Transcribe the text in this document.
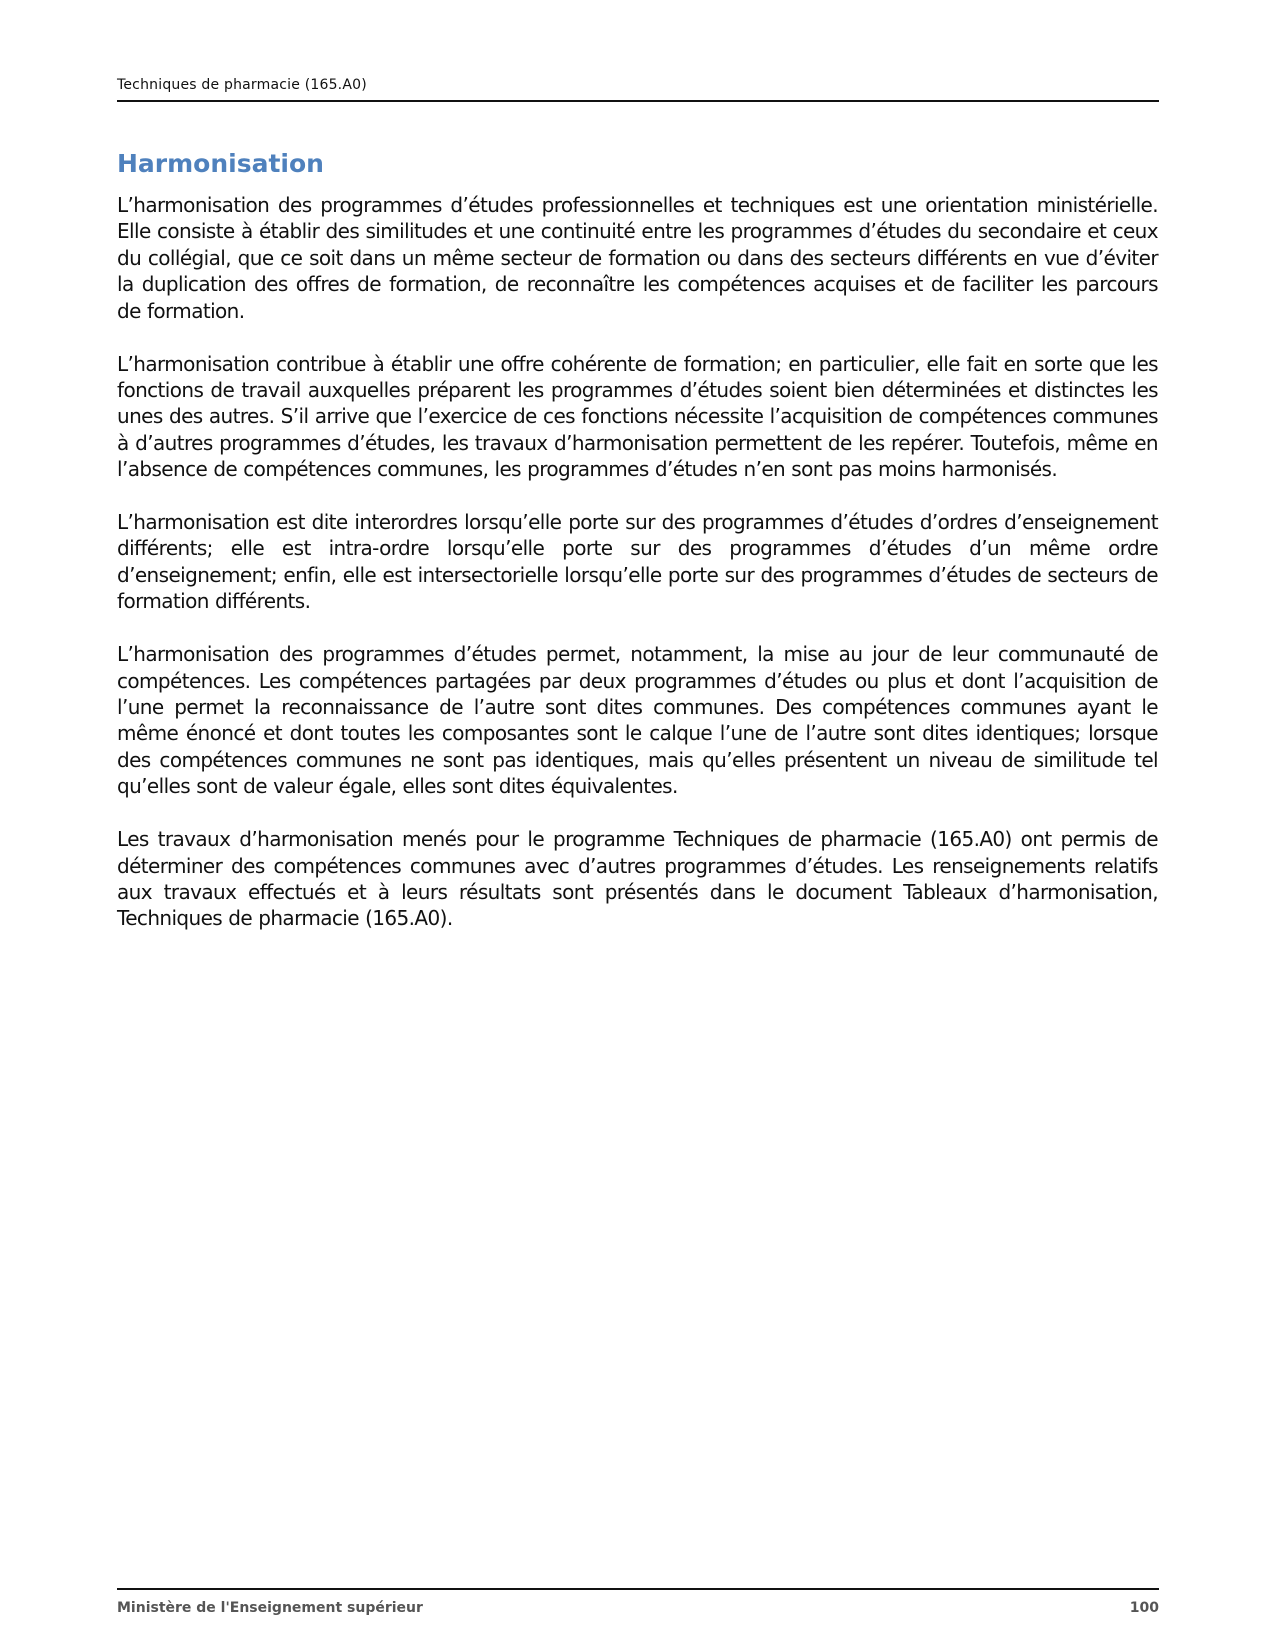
Techniques de pharmacie (165.A0)
Harmonisation

L’harmonisation des programmes d’études professionnelles et techniques est une orientation ministérielle. Elle consiste à établir des similitudes et une continuité entre les programmes d’études du secondaire et ceux du collégial, que ce soit dans un même secteur de formation ou dans des secteurs différents en vue d’éviter la duplication des offres de formation, de reconnaître les compétences acquises et de faciliter les parcours de formation.

L’harmonisation contribue à établir une offre cohérente de formation; en particulier, elle fait en sorte que les fonctions de travail auxquelles préparent les programmes d’études soient bien déterminées et distinctes les unes des autres. S’il arrive que l’exercice de ces fonctions nécessite l’acquisition de compétences communes à d’autres programmes d’études, les travaux d’harmonisation permettent de les repérer. Toutefois, même en l’absence de compétences communes, les programmes d’études n’en sont pas moins harmonisés.

L’harmonisation est dite interordres lorsqu’elle porte sur des programmes d’études d’ordres d’enseignement différents; elle est intra-ordre lorsqu’elle porte sur des programmes d’études d’un même ordre d’enseignement; enfin, elle est intersectorielle lorsqu’elle porte sur des programmes d’études de secteurs de formation différents.

L’harmonisation des programmes d’études permet, notamment, la mise au jour de leur communauté de compétences. Les compétences partagées par deux programmes d’études ou plus et dont l’acquisition de l’une permet la reconnaissance de l’autre sont dites communes. Des compétences communes ayant le même énoncé et dont toutes les composantes sont le calque l’une de l’autre sont dites identiques; lorsque des compétences communes ne sont pas identiques, mais qu’elles présentent un niveau de similitude tel qu’elles sont de valeur égale, elles sont dites équivalentes.

Les travaux d’harmonisation menés pour le programme Techniques de pharmacie (165.A0) ont permis de déterminer des compétences communes avec d’autres programmes d’études. Les renseignements relatifs aux travaux effectués et à leurs résultats sont présentés dans le document Tableaux d’harmonisation, Techniques de pharmacie (165.A0).

Ministère de l'Enseignement supérieur	100
